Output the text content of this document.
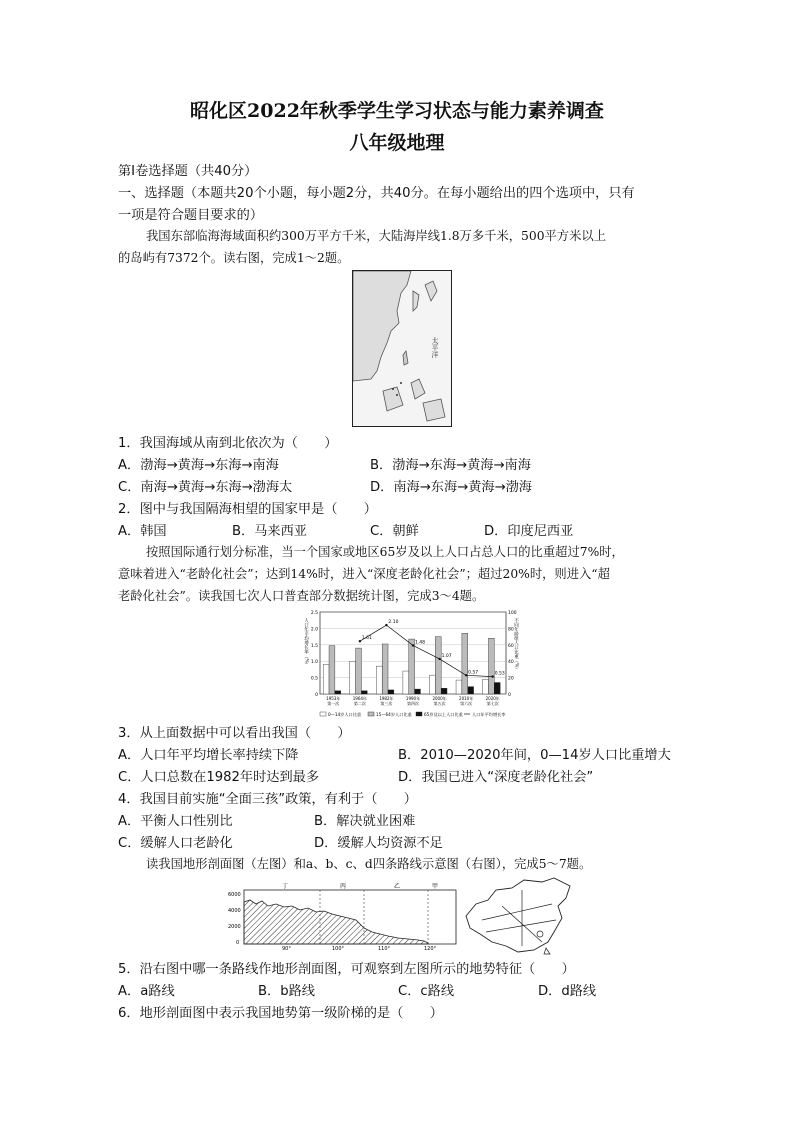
昭化区2022年秋季学生学习状态与能力素养调查
八年级地理
第Ⅰ卷选择题（共40分）
一、选择题（本题共20个小题，每小题2分，共40分。在每小题给出的四个选项中，只有
一项是符合题目要求的）
我国东部临海海域面积约300万平方千米，大陆海岸线1.8万多千米，500平方米以上
的岛屿有7372个。读右图，完成1～2题。
太平洋
1．我国海域从南到北依次为（　　）
A．渤海→黄海→东海→南海	B．渤海→东海→黄海→南海
C．南海→黄海→东海→渤海太	D．南海→东海→黄海→渤海
2．图中与我国隔海相望的国家甲是（　　）
A．韩国	B．马来西亚	C．朝鲜	D．印度尼西亚
按照国际通行划分标准，当一个国家或地区65岁及以上人口占总人口的比重超过7%时，
意味着进入“老龄化社会”；达到14%时，进入“深度老龄化社会”；超过20%时，则进入“超
老龄化社会”。读我国七次人口普查部分数据统计图，完成3～4题。
2.5
2.0
1.5
1.0
0.5
0
100
80
60
40
20
0
人口年平均增长率（%）	不同年龄组人口比重（%）
1953年
第一次
1964年
第二次
1982年
第三次
1990年
第四次
2000年
第五次
2010年
第六次
2020年
第七次
1.61
2.10
1.48
1.07
0.57	0.53
0—14岁人口比重	15—64岁人口比重	65岁及以上人口比重 人口年平均增长率
3．从上面数据中可以看出我国（　　）
A．人口年平均增长率持续下降	B．2010—2020年间，0—14岁人口比重增大
C．人口总数在1982年时达到最多	D．我国已进入“深度老龄化社会”
4．我国目前实施“全面三孩”政策，有利于（　　）
A．平衡人口性别比	B．解决就业困难
C．缓解人口老龄化	D．缓解人均资源不足
读我国地形剖面图（左图）和a、b、c、d四条路线示意图（右图），完成5～7题。
6000
4000
2000
0
90°	100°	110°	120°
丁	丙	乙	甲
5．沿右图中哪一条路线作地形剖面图，可观察到左图所示的地势特征（　　）
A．a路线	B．b路线	C．c路线	D．d路线
6．地形剖面图中表示我国地势第一级阶梯的是（　　）
